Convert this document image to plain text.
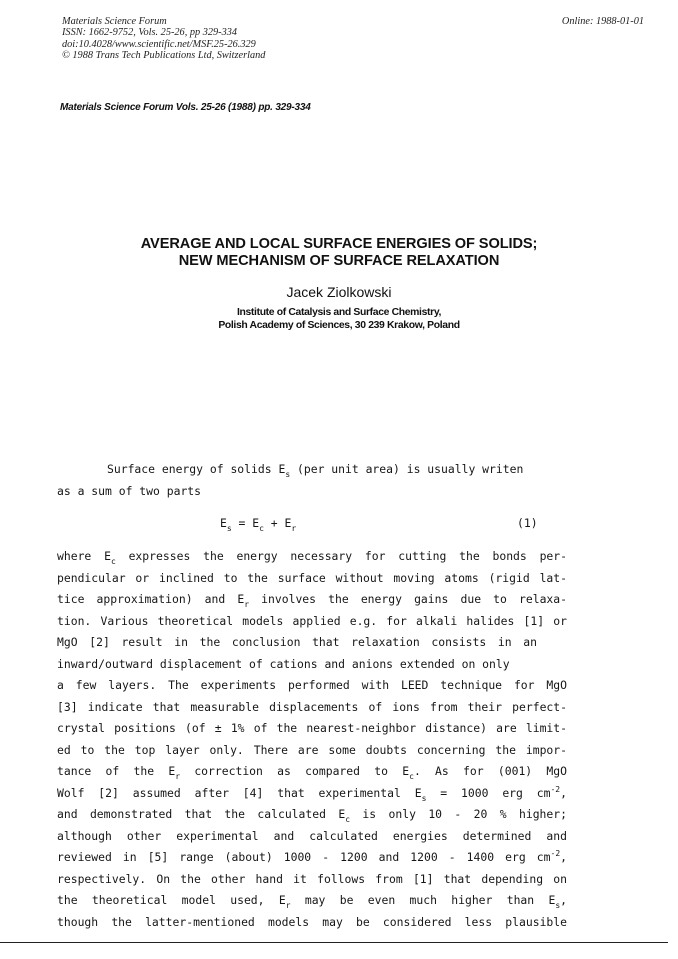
Materials Science Forum
ISSN: 1662-9752, Vols. 25-26, pp 329-334
doi:10.4028/www.scientific.net/MSF.25-26.329
© 1988 Trans Tech Publications Ltd, Switzerland
Online: 1988-01-01
Materials Science Forum Vols. 25-26 (1988) pp. 329-334
AVERAGE AND LOCAL SURFACE ENERGIES OF SOLIDS;
NEW MECHANISM OF SURFACE RELAXATION
Jacek Ziolkowski
Institute of Catalysis and Surface Chemistry,
Polish Academy of Sciences, 30 239 Krakow, Poland
Surface energy of solids $E_s$ (per unit area) is usually writen
as a sum of two parts
$E_s = E_c + E_r$	(1)
where $E_c$ expresses the energy necessary for cutting the bonds per-
pendicular or inclined to the surface without moving atoms (rigid lat-
tice approximation) and $E_r$ involves the energy gains due to relaxa-
tion. Various theoretical models applied e.g. for alkali halides [1] or
MgO [2] result in the conclusion that relaxation consists in an
inward/outward displacement of cations and anions extended on only
a few layers. The experiments performed with LEED technique for MgO
[3] indicate that measurable displacements of ions from their perfect-
crystal positions (of ± 1% of the nearest-neighbor distance) are limit-
ed to the top layer only. There are some doubts concerning the impor-
tance of the $E_r$ correction as compared to $E_c$. As for (001) MgO
Wolf [2] assumed after [4] that experimental $E_s = 1000$ erg $cm^{-2}$,
and demonstrated that the calculated $E_c$ is only 10 - 20 % higher;
although other experimental and calculated energies determined and
reviewed in [5] range (about) 1000 - 1200 and 1200 - 1400 erg $cm^{-2}$,
respectively. On the other hand it follows from [1] that depending on
the theoretical model used, $E_r$ may be even much higher than $E_s$,
though the latter-mentioned models may be considered less plausible
